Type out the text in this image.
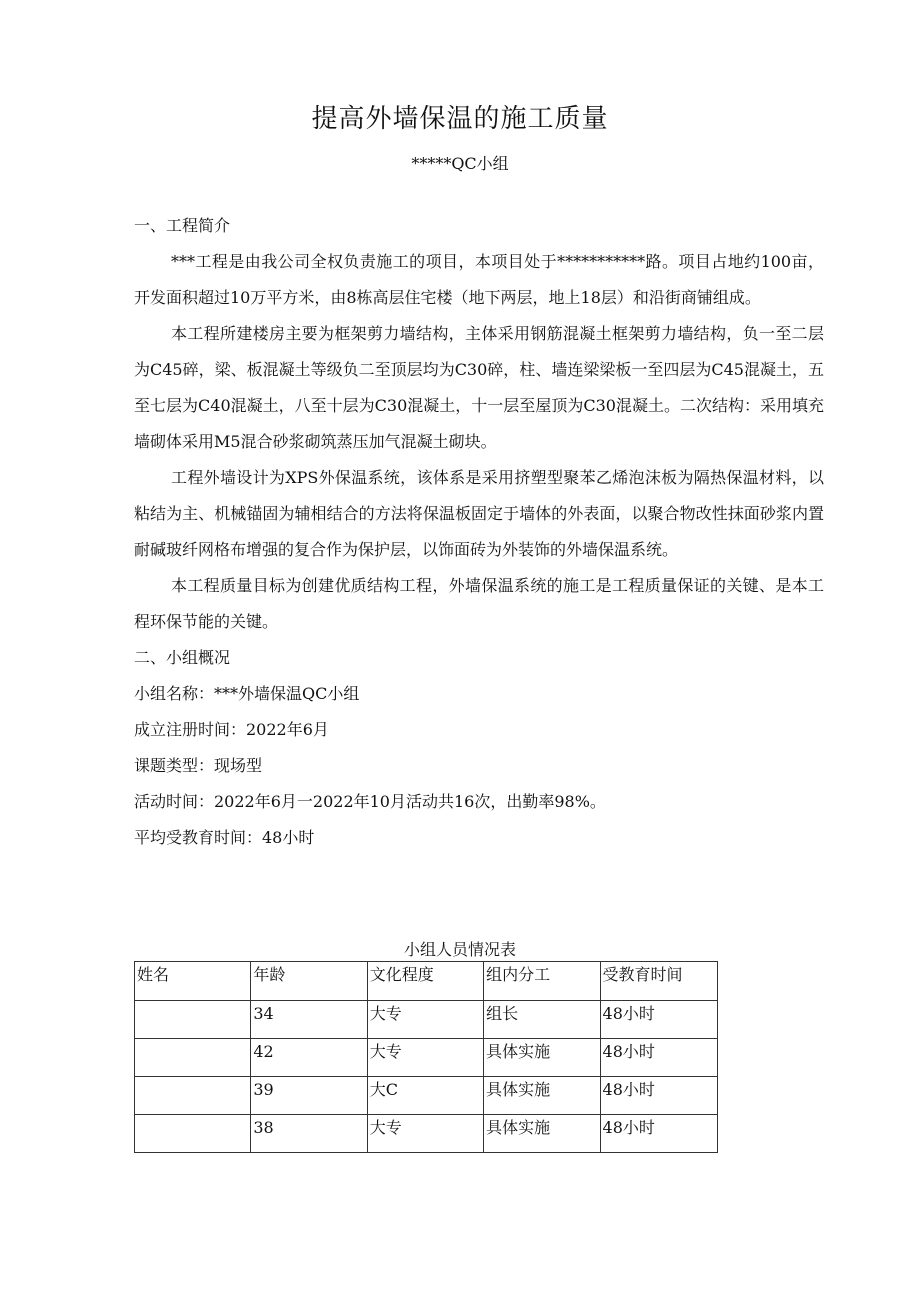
提高外墙保温的施工质量
*****QC小组

一、工程简介

***工程是由我公司全权负责施工的项目，本项目处于***********路。项目占地约100亩，开发面积超过10万平方米，由8栋高层住宅楼（地下两层，地上18层）和沿街商铺组成。

本工程所建楼房主要为框架剪力墙结构，主体采用钢筋混凝土框架剪力墙结构，负一至二层为C45碎，梁、板混凝土等级负二至顶层均为C30碎，柱、墙连梁梁板一至四层为C45混凝土，五至七层为C40混凝土，八至十层为C30混凝土，十一层至屋顶为C30混凝土。二次结构：采用填充墙砌体采用M5混合砂浆砌筑蒸压加气混凝土砌块。

工程外墙设计为XPS外保温系统，该体系是采用挤塑型聚苯乙烯泡沫板为隔热保温材料，以粘结为主、机械锚固为辅相结合的方法将保温板固定于墙体的外表面，以聚合物改性抹面砂浆内置耐碱玻纤网格布增强的复合作为保护层，以饰面砖为外装饰的外墙保温系统。

本工程质量目标为创建优质结构工程，外墙保温系统的施工是工程质量保证的关键、是本工程环保节能的关键。

二、小组概况

小组名称：***外墙保温QC小组

成立注册时间：2022年6月

课题类型：现场型

活动时间：2022年6月一2022年10月活动共16次，出勤率98%。

平均受教育时间：48小时

小组人员情况表
姓名	年龄	文化程度	组内分工	受教育时间
	34	大专	组长	48小时
	42	大专	具体实施	48小时
	39	大C	具体实施	48小时
	38	大专	具体实施	48小时
